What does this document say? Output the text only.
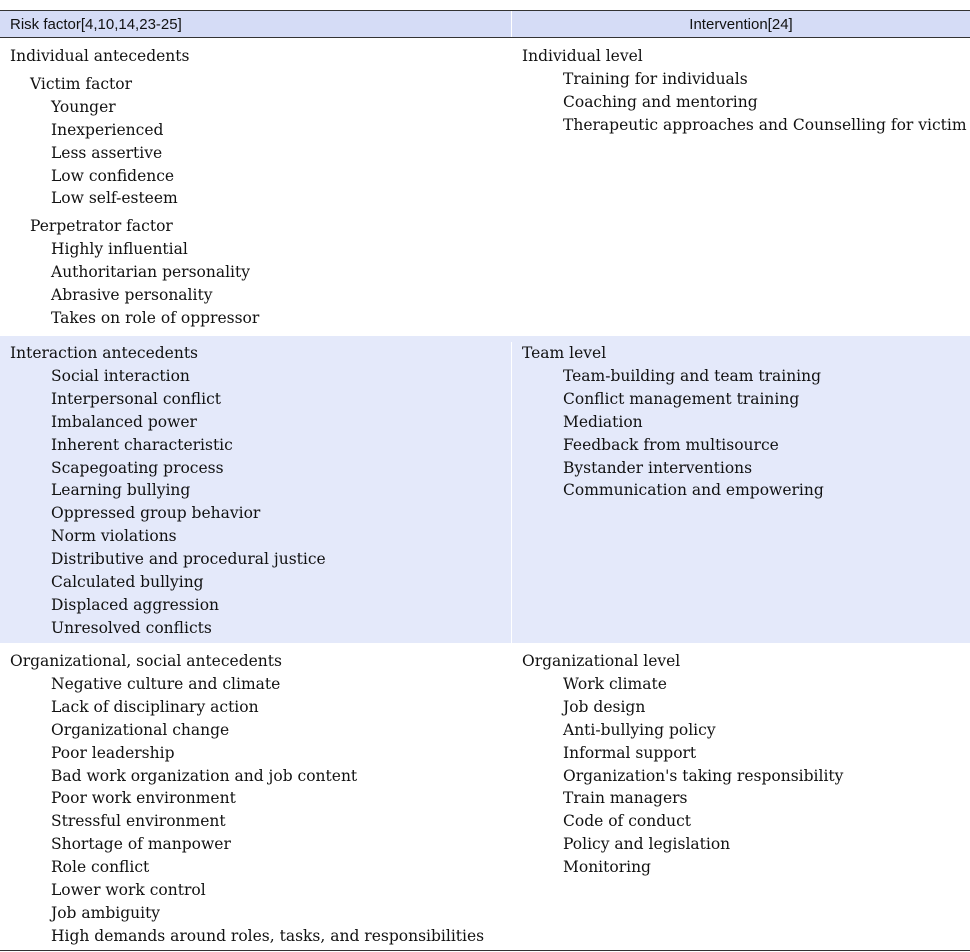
Risk factor[4,10,14,23-25]	Intervention[24]
Individual antecedents
Victim factor
Younger
Inexperienced
Less assertive
Low confidence
Low self-esteem
Perpetrator factor
Highly influential
Authoritarian personality
Abrasive personality
Takes on role of oppressor
Individual level
Training for individuals
Coaching and mentoring
Therapeutic approaches and Counselling for victim
Interaction antecedents
Social interaction
Interpersonal conflict
Imbalanced power
Inherent characteristic
Scapegoating process
Learning bullying
Oppressed group behavior
Norm violations
Distributive and procedural justice
Calculated bullying
Displaced aggression
Unresolved conflicts
Team level
Team-building and team training
Conflict management training
Mediation
Feedback from multisource
Bystander interventions
Communication and empowering
Organizational, social antecedents
Negative culture and climate
Lack of disciplinary action
Organizational change
Poor leadership
Bad work organization and job content
Poor work environment
Stressful environment
Shortage of manpower
Role conflict
Lower work control
Job ambiguity
High demands around roles, tasks, and responsibilities
Organizational level
Work climate
Job design
Anti-bullying policy
Informal support
Organization's taking responsibility
Train managers
Code of conduct
Policy and legislation
Monitoring
